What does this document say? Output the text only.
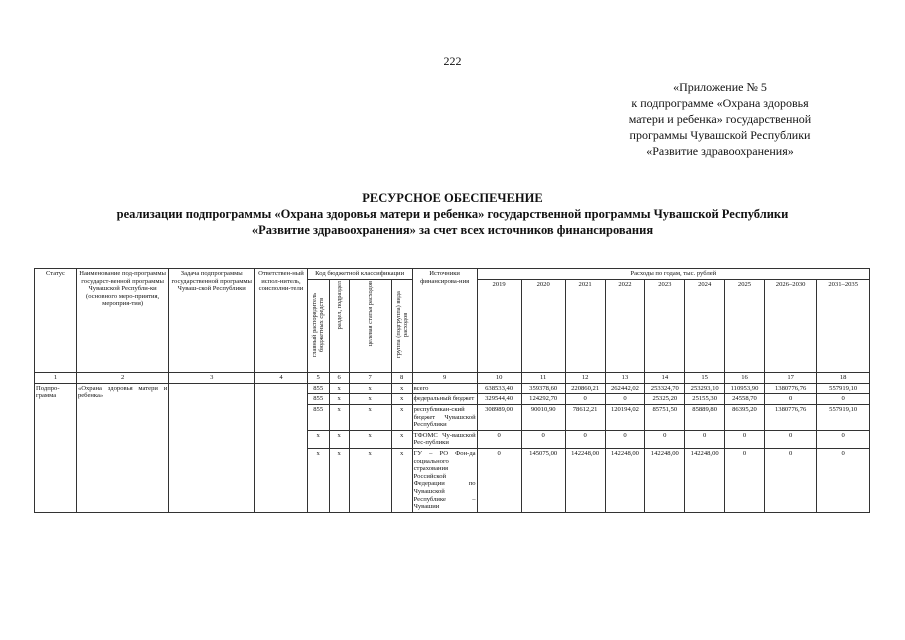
222
«Приложение № 5
к подпрограмме «Охрана здоровья
матери и ребенка» государственной
программы Чувашской Республики
«Развитие здравоохранения»
РЕСУРСНОЕ ОБЕСПЕЧЕНИЕ
реализации подпрограммы «Охрана здоровья матери и ребенка» государственной программы Чувашской Республики
«Развитие здравоохранения» за счет всех источников финансирования
Статус	Наименование под-программы государст-венной программы Чувашской Республи-ки (основного меро-приятия, мероприя-тия)	Задача подпрограммы государственной программы Чуваш-ской Республики	Ответствен-ный испол-нитель, соисполни-тели	Код бюджетной классификации				Источники финансирова-ния	Расходы по годам, тыс. рублей								
				главный распорядитель бюджетных средств	раздел, подраздел	целевая статья расходов	группа (подгруппа) вида расходов		2019	2020	2021	2022	2023	2024	2025	2026–2030	2031–2035
1	2	3	4	5	6	7	8	9	10	11	12	13	14	15	16	17	18
Подпро-грамма	«Охрана здоровья матери и ребенка»			855	х	х	х	всего	638533,40	359378,60	220860,21	262442,02	253324,70	253293,10	110953,90	1380776,76	557919,10
				855	х	х	х	федеральный бюджет	329544,40	124292,70	0	0	25325,20	25155,30	24558,70	0	0
				855	х	х	х	республикан-ский бюджет Чувашской Республики	308989,00	90010,90	78612,21	120194,02	85751,50	85889,80	86395,20	1380776,76	557919,10
				х	х	х	х	ТФОМС Чу-вашской Рес-публики	0	0	0	0	0	0	0	0	0
				х	х	х	х	ГУ – РО Фон-да социального страхования Российской Федерации по Чувашской Республике – Чувашии	0	145075,00	142248,00	142248,00	142248,00	142248,00	0	0	0
